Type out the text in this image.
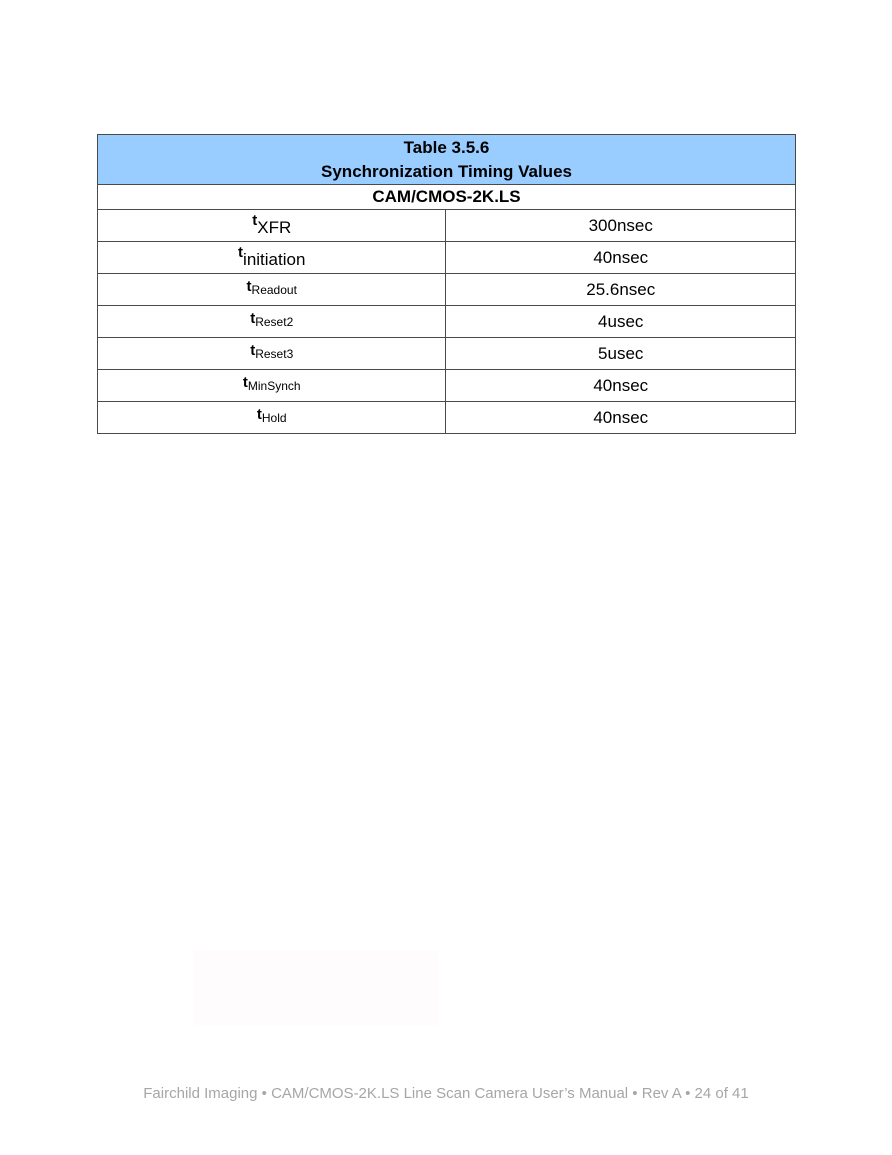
Table 3.5.6
Synchronization Timing Values	

CAM/CMOS-2K.LS	
tXFR	300nsec
tinitiation	40nsec
tReadout	25.6nsec
tReset2	4usec
tReset3	5usec
tMinSynch	40nsec
tHold	40nsec
Fairchild Imaging • CAM/CMOS-2K.LS Line Scan Camera User’s Manual • Rev A • 24 of 41
